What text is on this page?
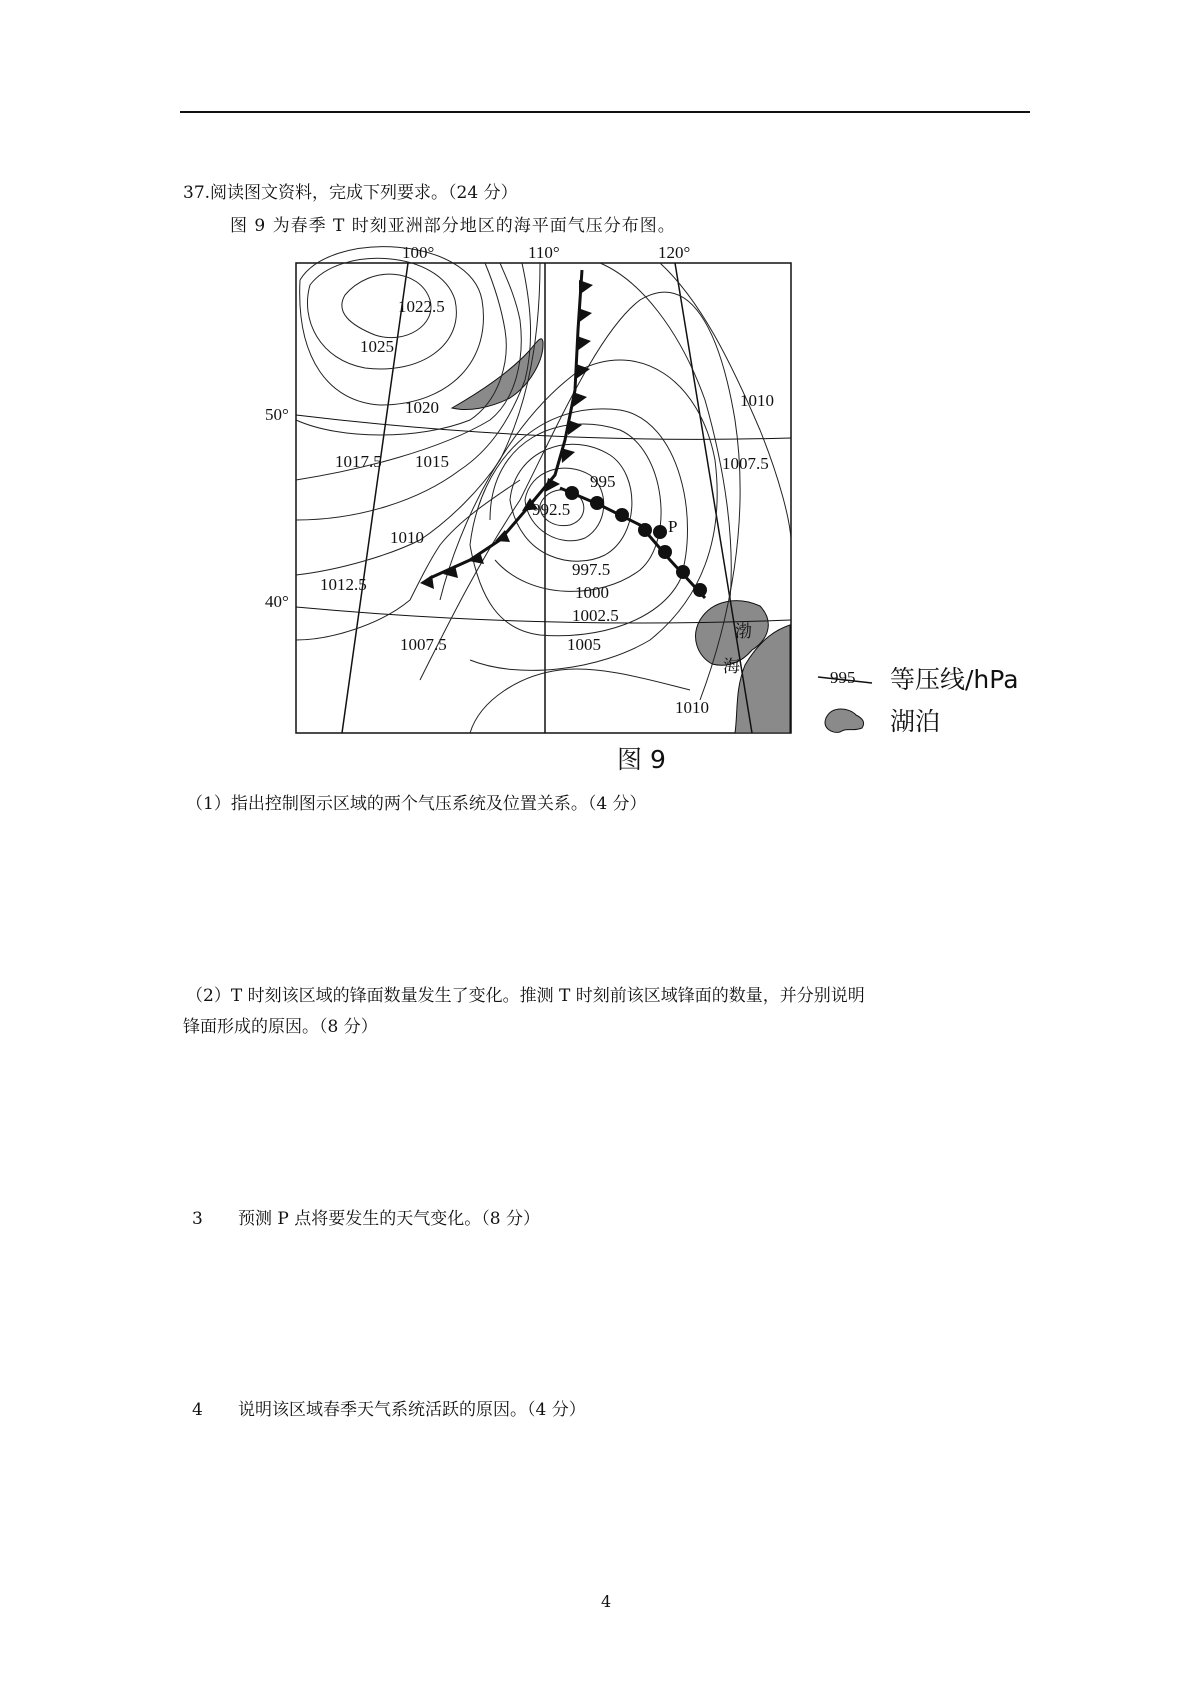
37.阅读图文资料，完成下列要求。（24 分）
图 9 为春季 T 时刻亚洲部分地区的海平面气压分布图。
100°	110°	120°
50°
40°
1022.5
1025
1020
1017.5 1015
1010
1012.5
1007.5
995
992.5
997.5
1000
1002.5
1005
1010
1007.5
1010
P
渤
海
995 等压线/hPa
湖泊
图 9
（1）指出控制图示区域的两个气压系统及位置关系。（4 分）
（2）T 时刻该区域的锋面数量发生了变化。推测 T 时刻前该区域锋面的数量，并分别说明
锋面形成的原因。（8 分）
3 预测 P 点将要发生的天气变化。（8 分）
4 说明该区域春季天气系统活跃的原因。（4 分）
4
